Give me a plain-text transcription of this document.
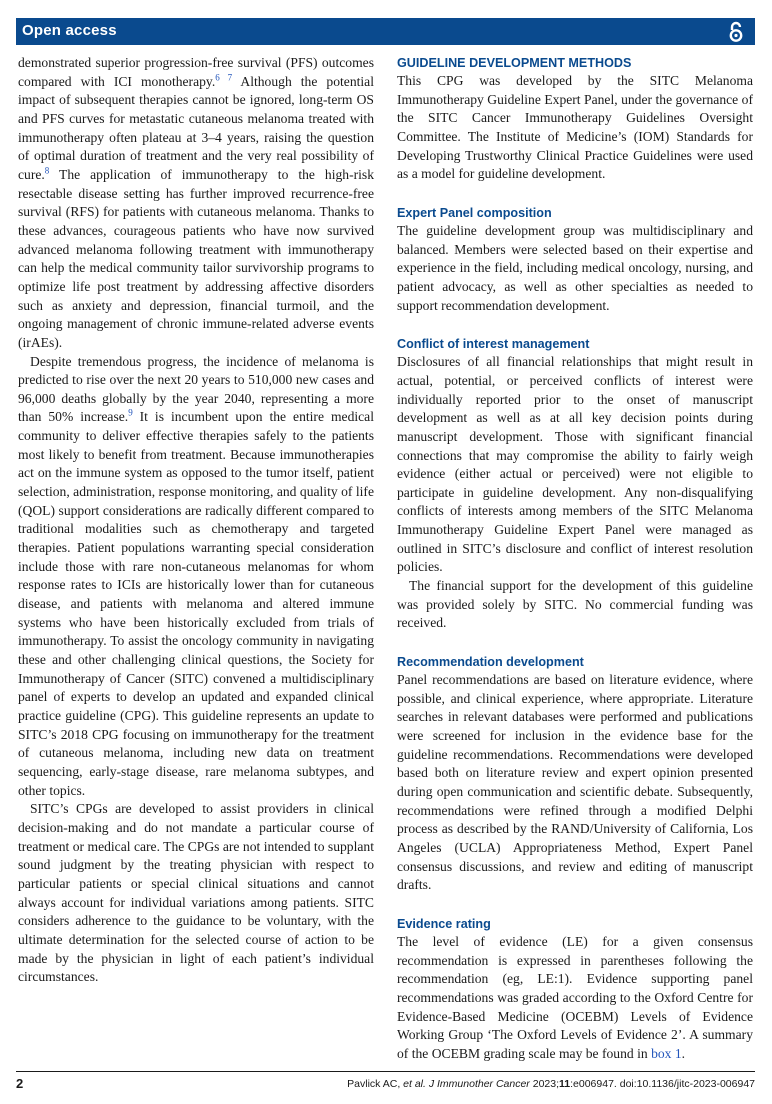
Open access

demonstrated superior progression-free survival (PFS) outcomes compared with ICI monotherapy.$^{6 7}$ Although the potential impact of subsequent therapies cannot be ignored, long-term OS and PFS curves for metastatic cutaneous melanoma treated with immunotherapy often plateau at 3–4 years, raising the question of optimal duration of treatment and the very real possibility of cure.$^8$ The application of immunotherapy to the high-risk resectable disease setting has further improved recurrence-free survival (RFS) for patients with cutaneous melanoma. Thanks to these advances, courageous patients who have now survived advanced melanoma following treatment with immunotherapy can help the medical community tailor survivorship programs to optimize life post treatment by addressing affective disorders such as anxiety and depression, financial turmoil, and the ongoing management of chronic immune-related adverse events (irAEs).

Despite tremendous progress, the incidence of melanoma is predicted to rise over the next 20 years to 510,000 new cases and 96,000 deaths globally by the year 2040, representing a more than 50% increase.$^9$ It is incumbent upon the entire medical community to deliver effective therapies safely to the patients most likely to benefit from treatment. Because immunotherapies act on the immune system as opposed to the tumor itself, patient selection, administration, response monitoring, and quality of life (QOL) support considerations are radically different compared to traditional modalities such as chemotherapy and targeted therapies. Patient populations warranting special consideration include those with rare non-cutaneous melanomas for whom response rates to ICIs are historically lower than for cutaneous disease, and patients with melanoma and altered immune systems who have been historically excluded from trials of immunotherapy. To assist the oncology community in navigating these and other challenging clinical questions, the Society for Immunotherapy of Cancer (SITC) convened a multidisciplinary panel of experts to develop an updated and expanded clinical practice guideline (CPG). This guideline represents an update to SITC’s 2018 CPG focusing on immunotherapy for the treatment of cutaneous melanoma, including new data on treatment sequencing, early-stage disease, rare melanoma subtypes, and other topics.

SITC’s CPGs are developed to assist providers in clinical decision-making and do not mandate a particular course of treatment or medical care. The CPGs are not intended to supplant sound judgment by the treating physician with respect to particular patients or special clinical situations and cannot always account for individual variations among patients. SITC considers adherence to the guidance to be voluntary, with the ultimate determination for the selected course of action to be made by the physician in light of each patient’s individual circumstances.

GUIDELINE DEVELOPMENT METHODS

This CPG was developed by the SITC Melanoma Immunotherapy Guideline Expert Panel, under the governance of the SITC Cancer Immunotherapy Guidelines Oversight Committee. The Institute of Medicine’s (IOM) Standards for Developing Trustworthy Clinical Practice Guidelines were used as a model for guideline development.

Expert Panel composition

The guideline development group was multidisciplinary and balanced. Members were selected based on their expertise and experience in the field, including medical oncology, nursing, and patient advocacy, as well as other specialties as needed to support recommendation development.

Conflict of interest management

Disclosures of all financial relationships that might result in actual, potential, or perceived conflicts of interest were individually reported prior to the onset of manuscript development as well as at all key decision points during manuscript development. Those with significant financial connections that may compromise the ability to fairly weigh evidence (either actual or perceived) were not eligible to participate in guideline development. Any non-disqualifying conflicts of interests among members of the SITC Melanoma Immunotherapy Guideline Expert Panel were managed as outlined in SITC’s disclosure and conflict of interest resolution policies.

The financial support for the development of this guideline was provided solely by SITC. No commercial funding was received.

Recommendation development

Panel recommendations are based on literature evidence, where possible, and clinical experience, where appropriate. Literature searches in relevant databases were performed and publications were screened for inclusion in the evidence base for the guideline recommendations. Recommendations were developed based both on literature review and expert opinion presented during open communication and scientific debate. Subsequently, recommendations were refined through a modified Delphi process as described by the RAND/University of California, Los Angeles (UCLA) Appropriateness Method, Expert Panel consensus discussions, and review and editing of manuscript drafts.

Evidence rating

The level of evidence (LE) for a given consensus recommendation is expressed in parentheses following the recommendation (eg, LE:1). Evidence supporting panel recommendations was graded according to the Oxford Centre for Evidence-Based Medicine (OCEBM) Levels of Evidence Working Group ‘The Oxford Levels of Evidence 2’. A summary of the OCEBM grading scale may be found in box 1.

2	Pavlick AC, et al. J Immunother Cancer 2023;11:e006947. doi:10.1136/jitc-2023-006947
